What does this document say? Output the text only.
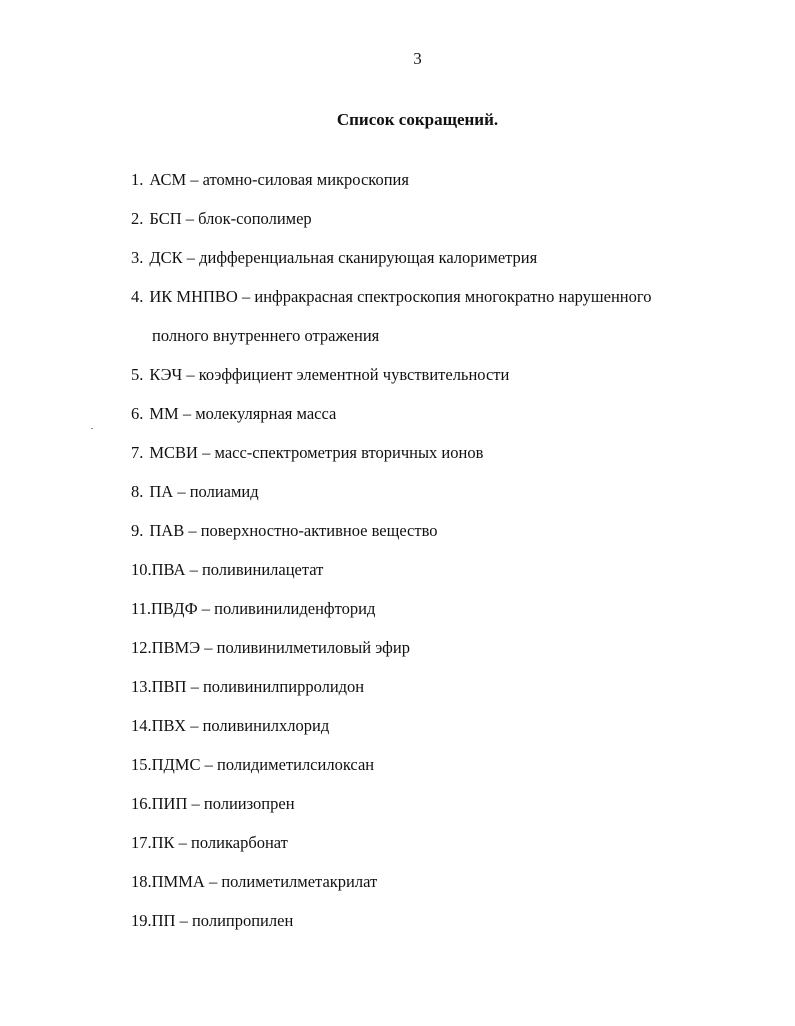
3
Список сокращений.
1. АСМ – атомно-силовая микроскопия
2. БСП – блок-сополимер
3. ДСК – дифференциальная сканирующая калориметрия
4. ИК МНПВО – инфракрасная спектроскопия многократно нарушенного
полного внутреннего отражения
5. КЭЧ – коэффициент элементной чувствительности
6. ММ – молекулярная масса
7. МСВИ – масс-спектрометрия вторичных ионов
8. ПА – полиамид
9. ПАВ – поверхностно-активное вещество
10.ПВА – поливинилацетат
11.ПВДФ – поливинилиденфторид
12.ПВМЭ – поливинилметиловый эфир
13.ПВП – поливинилпирролидон
14.ПВХ – поливинилхлорид
15.ПДМС – полидиметилсилоксан
16.ПИП – полиизопрен
17.ПК – поликарбонат
18.ПММА – полиметилметакрилат
19.ПП – полипропилен
